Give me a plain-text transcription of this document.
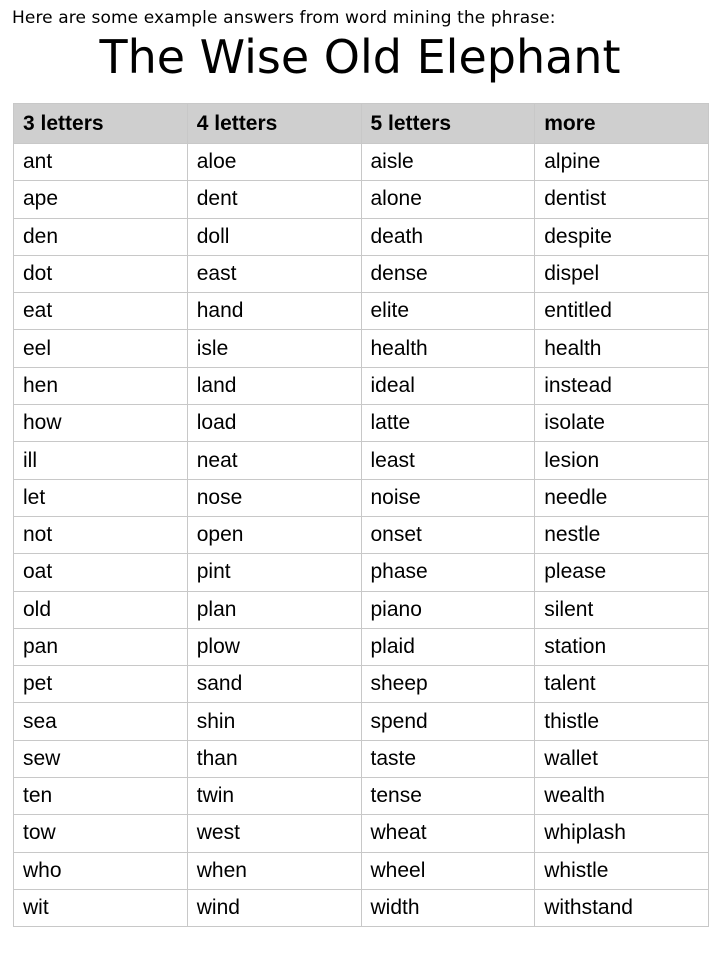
Here are some example answers from word mining the phrase:
The Wise Old Elephant
3 letters	4 letters	5 letters	more
ant	aloe	aisle	alpine
ape	dent	alone	dentist
den	doll	death	despite
dot	east	dense	dispel
eat	hand	elite	entitled
eel	isle	health	health
hen	land	ideal	instead
how	load	latte	isolate
ill	neat	least	lesion
let	nose	noise	needle
not	open	onset	nestle
oat	pint	phase	please
old	plan	piano	silent
pan	plow	plaid	station
pet	sand	sheep	talent
sea	shin	spend	thistle
sew	than	taste	wallet
ten	twin	tense	wealth
tow	west	wheat	whiplash
who	when	wheel	whistle
wit	wind	width	withstand
